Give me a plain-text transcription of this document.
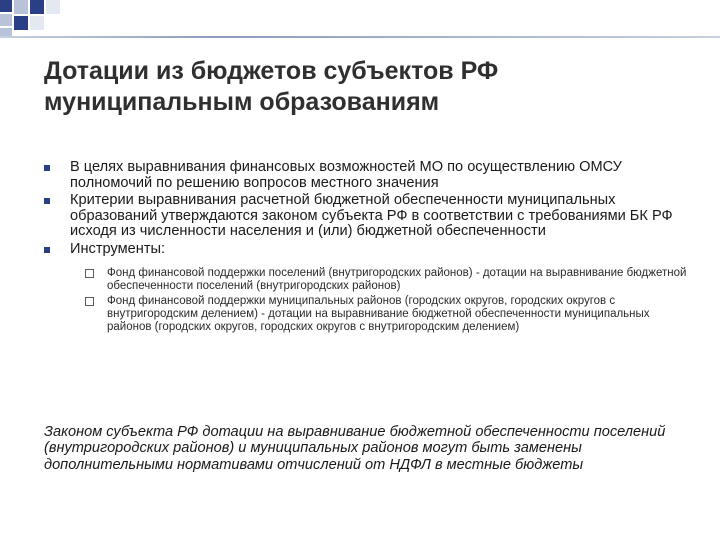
Дотации из бюджетов субъектов РФ муниципальным образованиям
В целях выравнивания финансовых возможностей МО по осуществлению ОМСУ полномочий по решению вопросов местного значения
Критерии выравнивания расчетной бюджетной обеспеченности муниципальных образований утверждаются законом субъекта РФ в соответствии с требованиями БК РФ исходя из численности населения и (или) бюджетной обеспеченности
Инструменты:
Фонд финансовой поддержки поселений (внутригородских районов) - дотации на выравнивание бюджетной обеспеченности поселений (внутригородских районов)
Фонд финансовой поддержки муниципальных районов (городских округов, городских округов с внутригородским делением) - дотации на выравнивание бюджетной обеспеченности муниципальных районов (городских округов, городских округов с внутригородским делением)

Законом субъекта РФ дотации на выравнивание бюджетной обеспеченности поселений (внутригородских районов) и муниципальных районов могут быть заменены дополнительными нормативами отчислений от НДФЛ в местные бюджеты
